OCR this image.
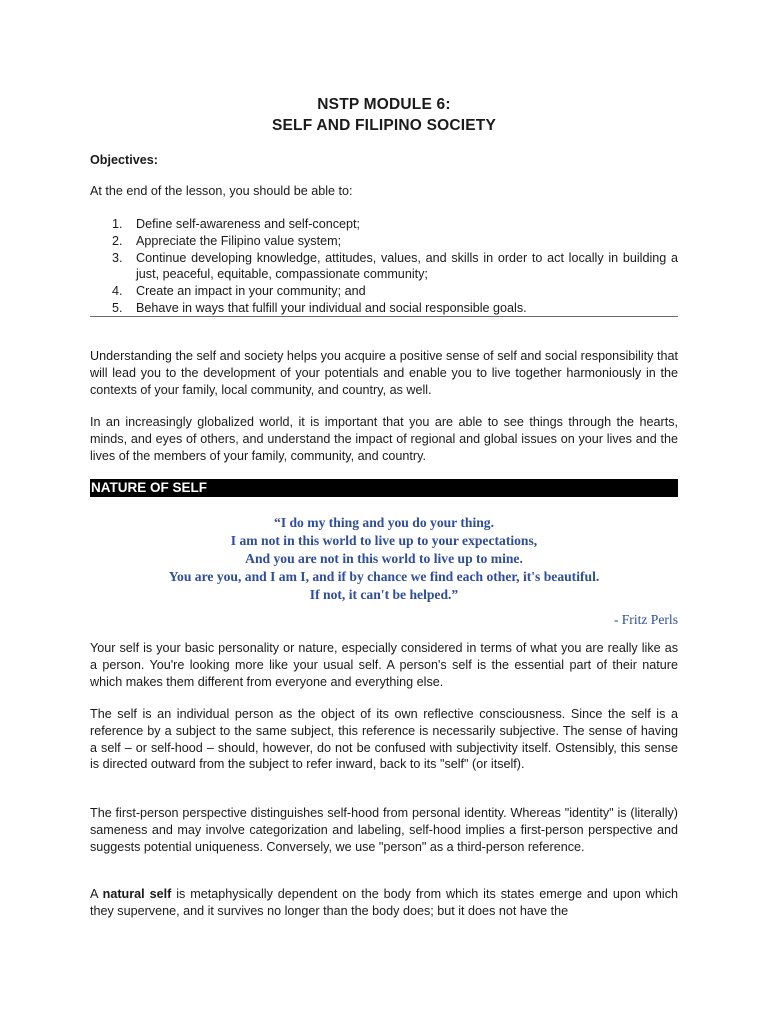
NSTP MODULE 6:
SELF AND FILIPINO SOCIETY
Objectives:
At the end of the lesson, you should be able to:
1. Define self-awareness and self-concept;
2. Appreciate the Filipino value system;
3. Continue developing knowledge, attitudes, values, and skills in order to act locally in building a just, peaceful, equitable, compassionate community;
4. Create an impact in your community; and
5. Behave in ways that fulfill your individual and social responsible goals.
Understanding the self and society helps you acquire a positive sense of self and social responsibility that will lead you to the development of your potentials and enable you to live together harmoniously in the contexts of your family, local community, and country, as well.
In an increasingly globalized world, it is important that you are able to see things through the hearts, minds, and eyes of others, and understand the impact of regional and global issues on your lives and the lives of the members of your family, community, and country.
NATURE OF SELF
“I do my thing and you do your thing.
I am not in this world to live up to your expectations,
And you are not in this world to live up to mine.
You are you, and I am I, and if by chance we find each other, it's beautiful.
If not, it can't be helped.”
- Fritz Perls
Your self is your basic personality or nature, especially considered in terms of what you are really like as a person. You're looking more like your usual self. A person's self is the essential part of their nature which makes them different from everyone and everything else.
The self is an individual person as the object of its own reflective consciousness. Since the self is a reference by a subject to the same subject, this reference is necessarily subjective. The sense of having a self – or self-hood – should, however, do not be confused with subjectivity itself. Ostensibly, this sense is directed outward from the subject to refer inward, back to its "self" (or itself).
The first-person perspective distinguishes self-hood from personal identity. Whereas "identity" is (literally) sameness and may involve categorization and labeling, self-hood implies a first-person perspective and suggests potential uniqueness. Conversely, we use "person" as a third-person reference.
A natural self is metaphysically dependent on the body from which its states emerge and upon which they supervene, and it survives no longer than the body does; but it does not have the
